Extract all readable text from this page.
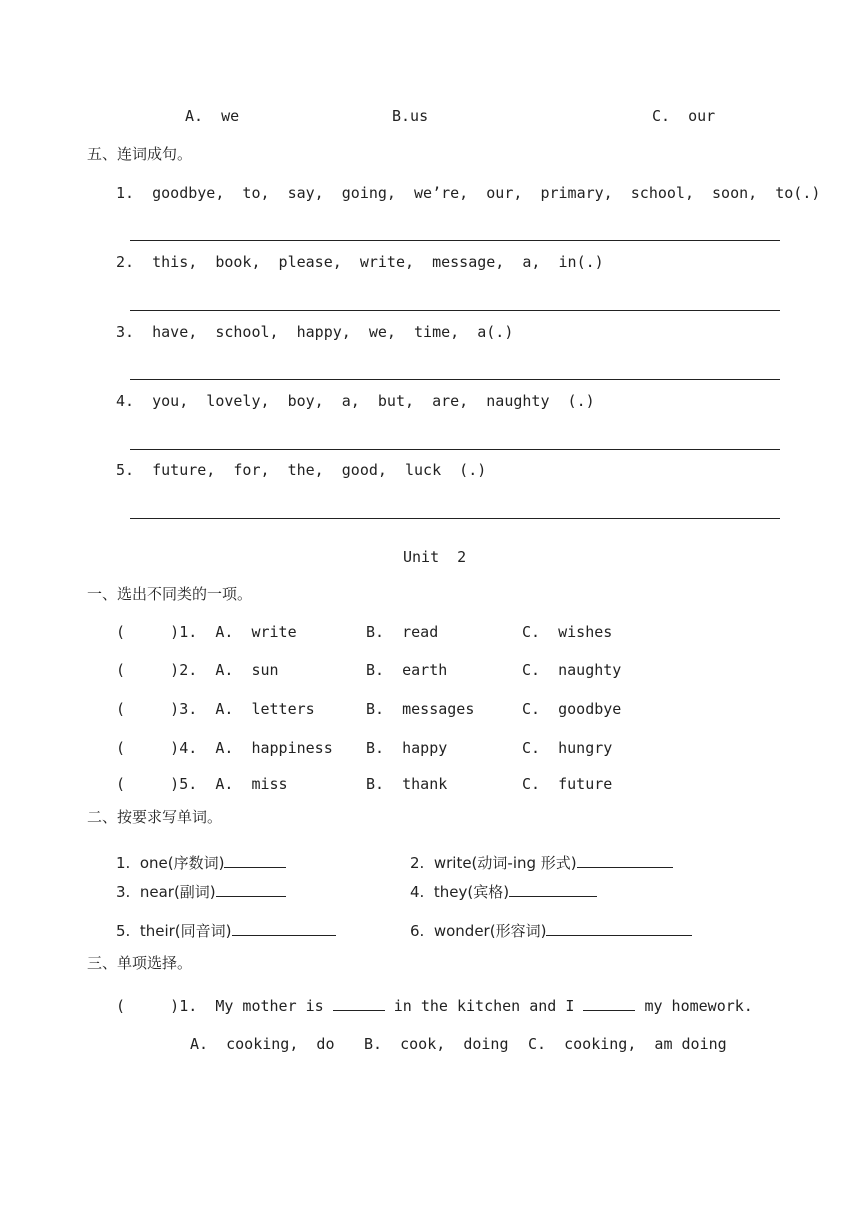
A.  we	B.us	C.  our
五、连词成句。
1.  goodbye,  to,  say,  going,  we’re,  our,  primary,  school,  soon,  to(.)
2.  this,  book,  please,  write,  message,  a,  in(.)
3.  have,  school,  happy,  we,  time,  a(.)
4.  you,  lovely,  boy,  a,  but,  are,  naughty  (.)
5.  future,  for,  the,  good,  luck  (.)
Unit  2
一、选出不同类的一项。
(     )1.  A.  write	B.  read	C.  wishes
(     )2.  A.  sun	B.  earth	C.  naughty
(     )3.  A.  letters	B.  messages	C.  goodbye
(     )4.  A.  happiness B.  happy	C.  hungry
(     )5.  A.  miss	B.  thank	C.  future
二、按要求写单词。
1.  one(序数词)	2.  write(动词-ing 形式)
3.  near(副词)	4.  they(宾格)
5.  their(同音词)	6.  wonder(形容词)
三、单项选择。
(     )1.  My mother is	in the kitchen and I	my homework.
A.  cooking,  do B.  cook,  doing C.  cooking,  am doing
